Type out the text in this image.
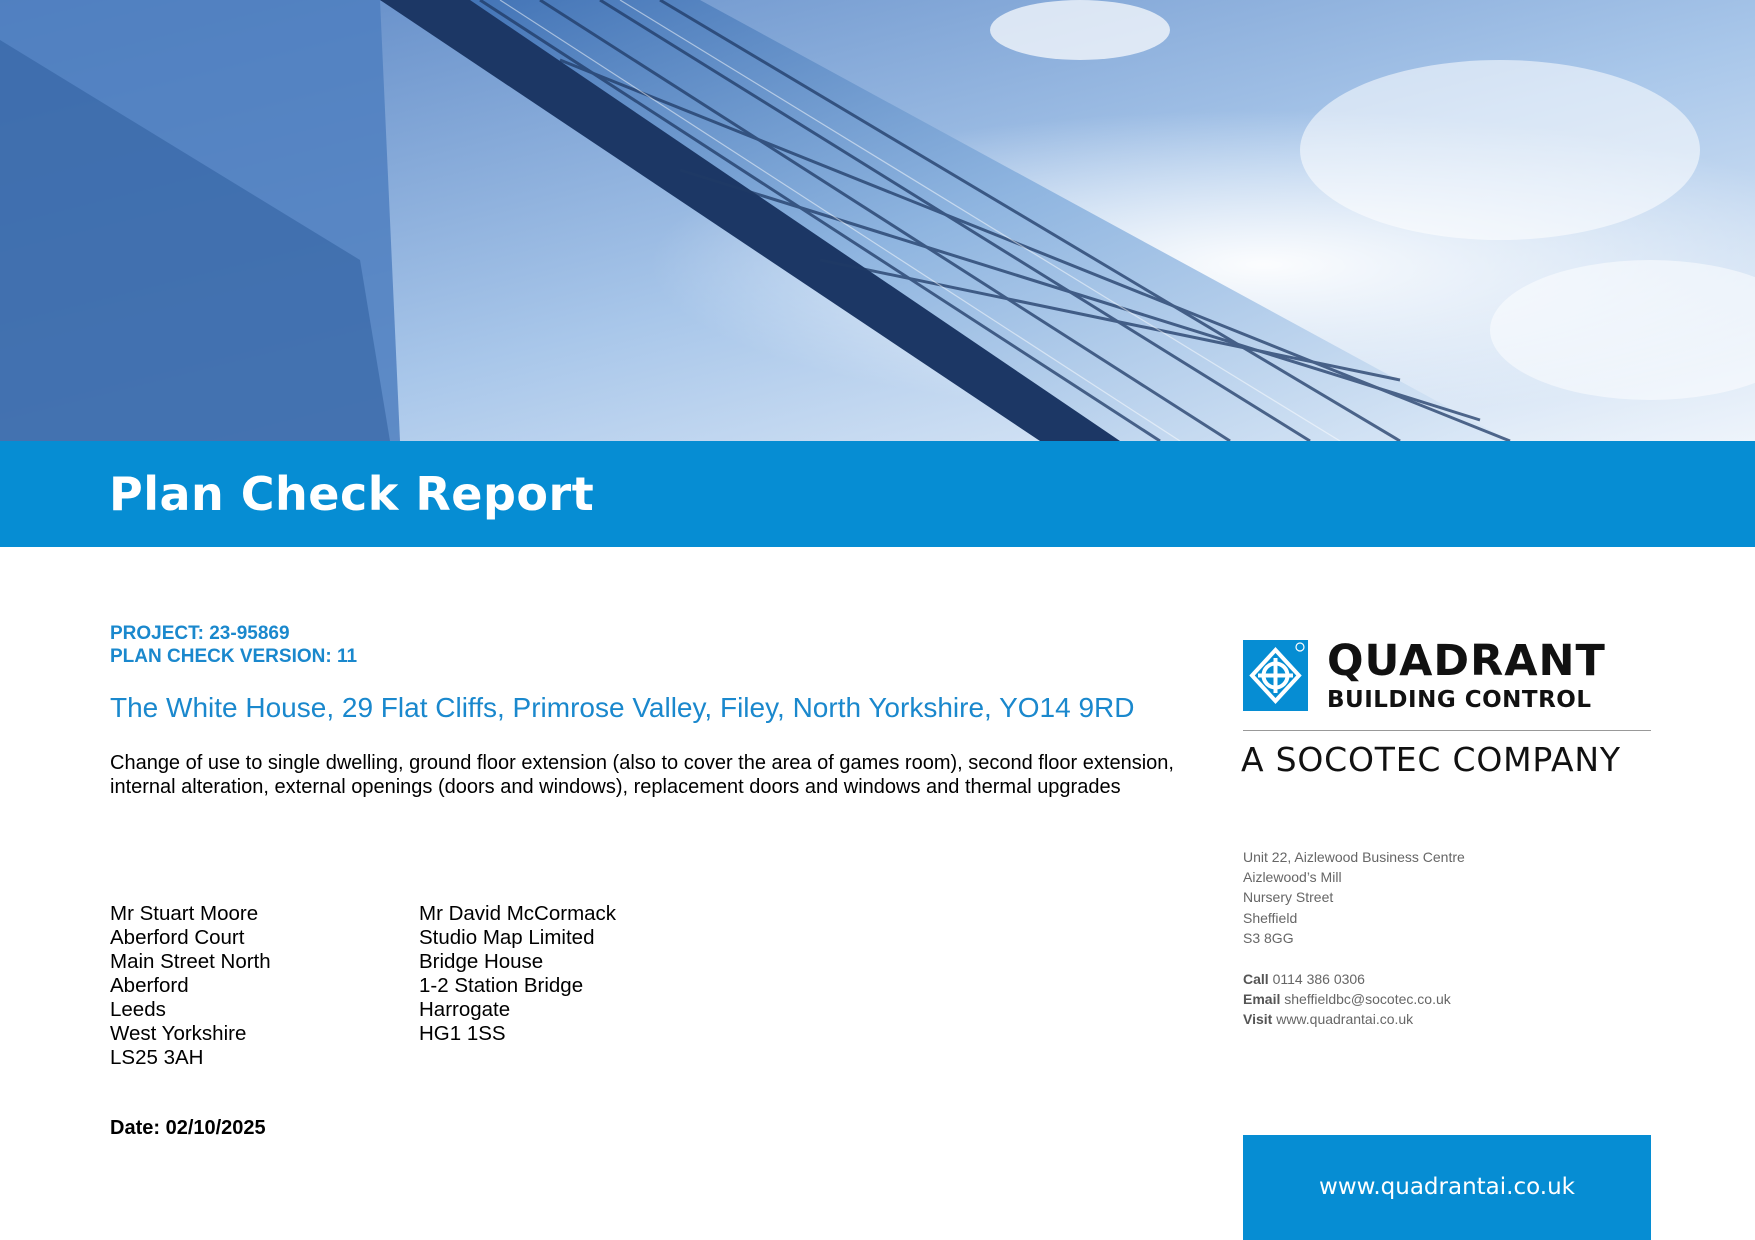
Plan Check Report
PROJECT: 23-95869
PLAN CHECK VERSION: 11
The White House, 29 Flat Cliffs, Primrose Valley, Filey, North Yorkshire, YO14 9RD

Change of use to single dwelling, ground floor extension (also to cover the area of games room), second floor extension, internal alteration, external openings (doors and windows), replacement doors and windows and thermal upgrades

Mr Stuart Moore
Aberford Court
Main Street North
Aberford
Leeds
West Yorkshire
LS25 3AH
Mr David McCormack
Studio Map Limited
Bridge House
1-2 Station Bridge
Harrogate
HG1 1SS
Date: 02/10/2025
QUADRANT
BUILDING CONTROL
A SOCOTEC COMPANY
Unit 22, Aizlewood Business Centre
Aizlewood’s Mill
Nursery Street
Sheffield
S3 8GG
Call 0114 386 0306
Email sheffieldbc@socotec.co.uk
Visit www.quadrantai.co.uk
www.quadrantai.co.uk
